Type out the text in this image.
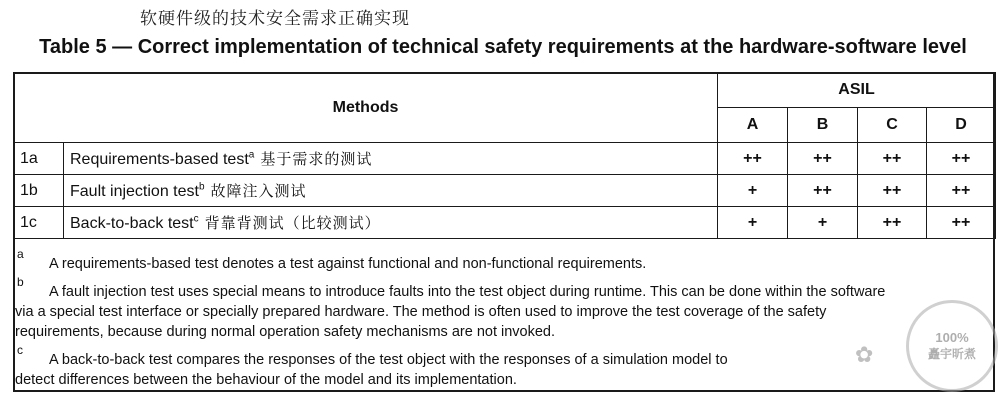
软硬件级的技术安全需求正确实现
Table 5 — Correct implementation of technical safety requirements at the hardware-software level
Methods		ASIL			
		A	B	C	D
1a	Requirements-based test$^a$ 基于需求的测试	++	++	++	++
1b	Fault injection test$^b$ 故障注入测试	+	++	++	++
1c	Back-to-back test$^c$ 背靠背测试（比较测试）	+	+	++	++
a
A requirements-based test denotes a test against functional and non-functional requirements.
b
A fault injection test uses special means to introduce faults into the test object during runtime. This can be done within the software
via a special test interface or specially prepared hardware. The method is often used to improve the test coverage of the safety
requirements, because during normal operation safety mechanisms are not invoked.
c
A back-to-back test compares the responses of the test object with the responses of a simulation model to
detect differences between the behaviour of the model and its implementation.
100%
矗宇昕煮
✿
